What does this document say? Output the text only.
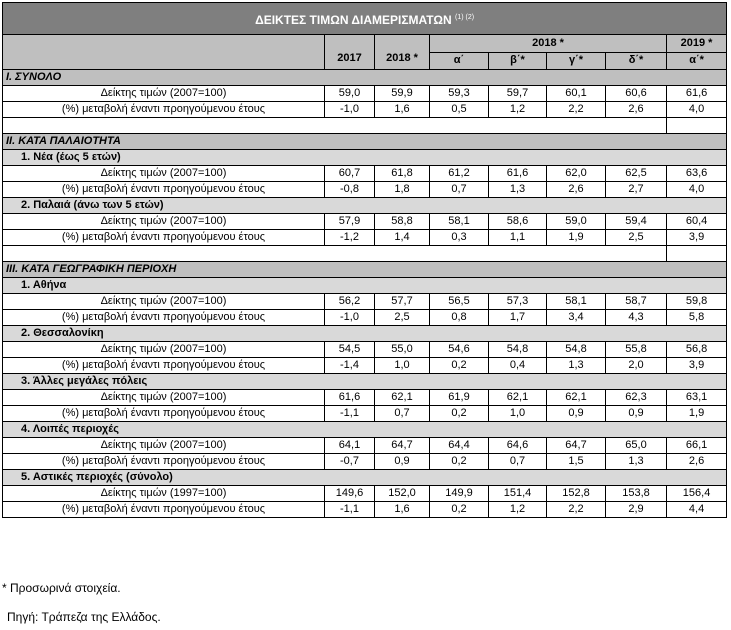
ΔΕΙΚΤΕΣ ΤΙΜΩΝ ΔΙΑΜΕΡΙΣΜΑΤΩΝ $^{(1) (2)}$
	2017	2018 *	2018 *				2019 *
			α΄	β΄*	γ΄*	δ΄*	α΄*
I. ΣΥΝΟΛΟ							
Δείκτης τιμών (2007=100)	59,0	59,9	59,3	59,7	60,1	60,6	61,6
(%) μεταβολή έναντι προηγούμενου έτους	-1,0	1,6	0,5	1,2	2,2	2,6	4,0

II. ΚΑΤΑ ΠΑΛΑΙΟΤΗΤΑ							
1. Νέα (έως 5 ετών)							
Δείκτης τιμών (2007=100)	60,7	61,8	61,2	61,6	62,0	62,5	63,6
(%) μεταβολή έναντι προηγούμενου έτους	-0,8	1,8	0,7	1,3	2,6	2,7	4,0
2. Παλαιά (άνω των 5 ετών)							
Δείκτης τιμών (2007=100)	57,9	58,8	58,1	58,6	59,0	59,4	60,4
(%) μεταβολή έναντι προηγούμενου έτους	-1,2	1,4	0,3	1,1	1,9	2,5	3,9

III. ΚΑΤΑ ΓΕΩΓΡΑΦΙΚΗ ΠΕΡΙΟΧΗ							
1. Αθήνα							
Δείκτης τιμών (2007=100)	56,2	57,7	56,5	57,3	58,1	58,7	59,8
(%) μεταβολή έναντι προηγούμενου έτους	-1,0	2,5	0,8	1,7	3,4	4,3	5,8
2. Θεσσαλονίκη							
Δείκτης τιμών (2007=100)	54,5	55,0	54,6	54,8	54,8	55,8	56,8
(%) μεταβολή έναντι προηγούμενου έτους	-1,4	1,0	0,2	0,4	1,3	2,0	3,9
3. Άλλες μεγάλες πόλεις							
Δείκτης τιμών (2007=100)	61,6	62,1	61,9	62,1	62,1	62,3	63,1
(%) μεταβολή έναντι προηγούμενου έτους	-1,1	0,7	0,2	1,0	0,9	0,9	1,9
4. Λοιπές περιοχές							
Δείκτης τιμών (2007=100)	64,1	64,7	64,4	64,6	64,7	65,0	66,1
(%) μεταβολή έναντι προηγούμενου έτους	-0,7	0,9	0,2	0,7	1,5	1,3	2,6
5. Αστικές περιοχές (σύνολο)							
Δείκτης τιμών (1997=100)	149,6	152,0	149,9	151,4	152,8	153,8	156,4
(%) μεταβολή έναντι προηγούμενου έτους	-1,1	1,6	0,2	1,2	2,2	2,9	4,4
* Προσωρινά στοιχεία.
Πηγή: Τράπεζα της Ελλάδος.
